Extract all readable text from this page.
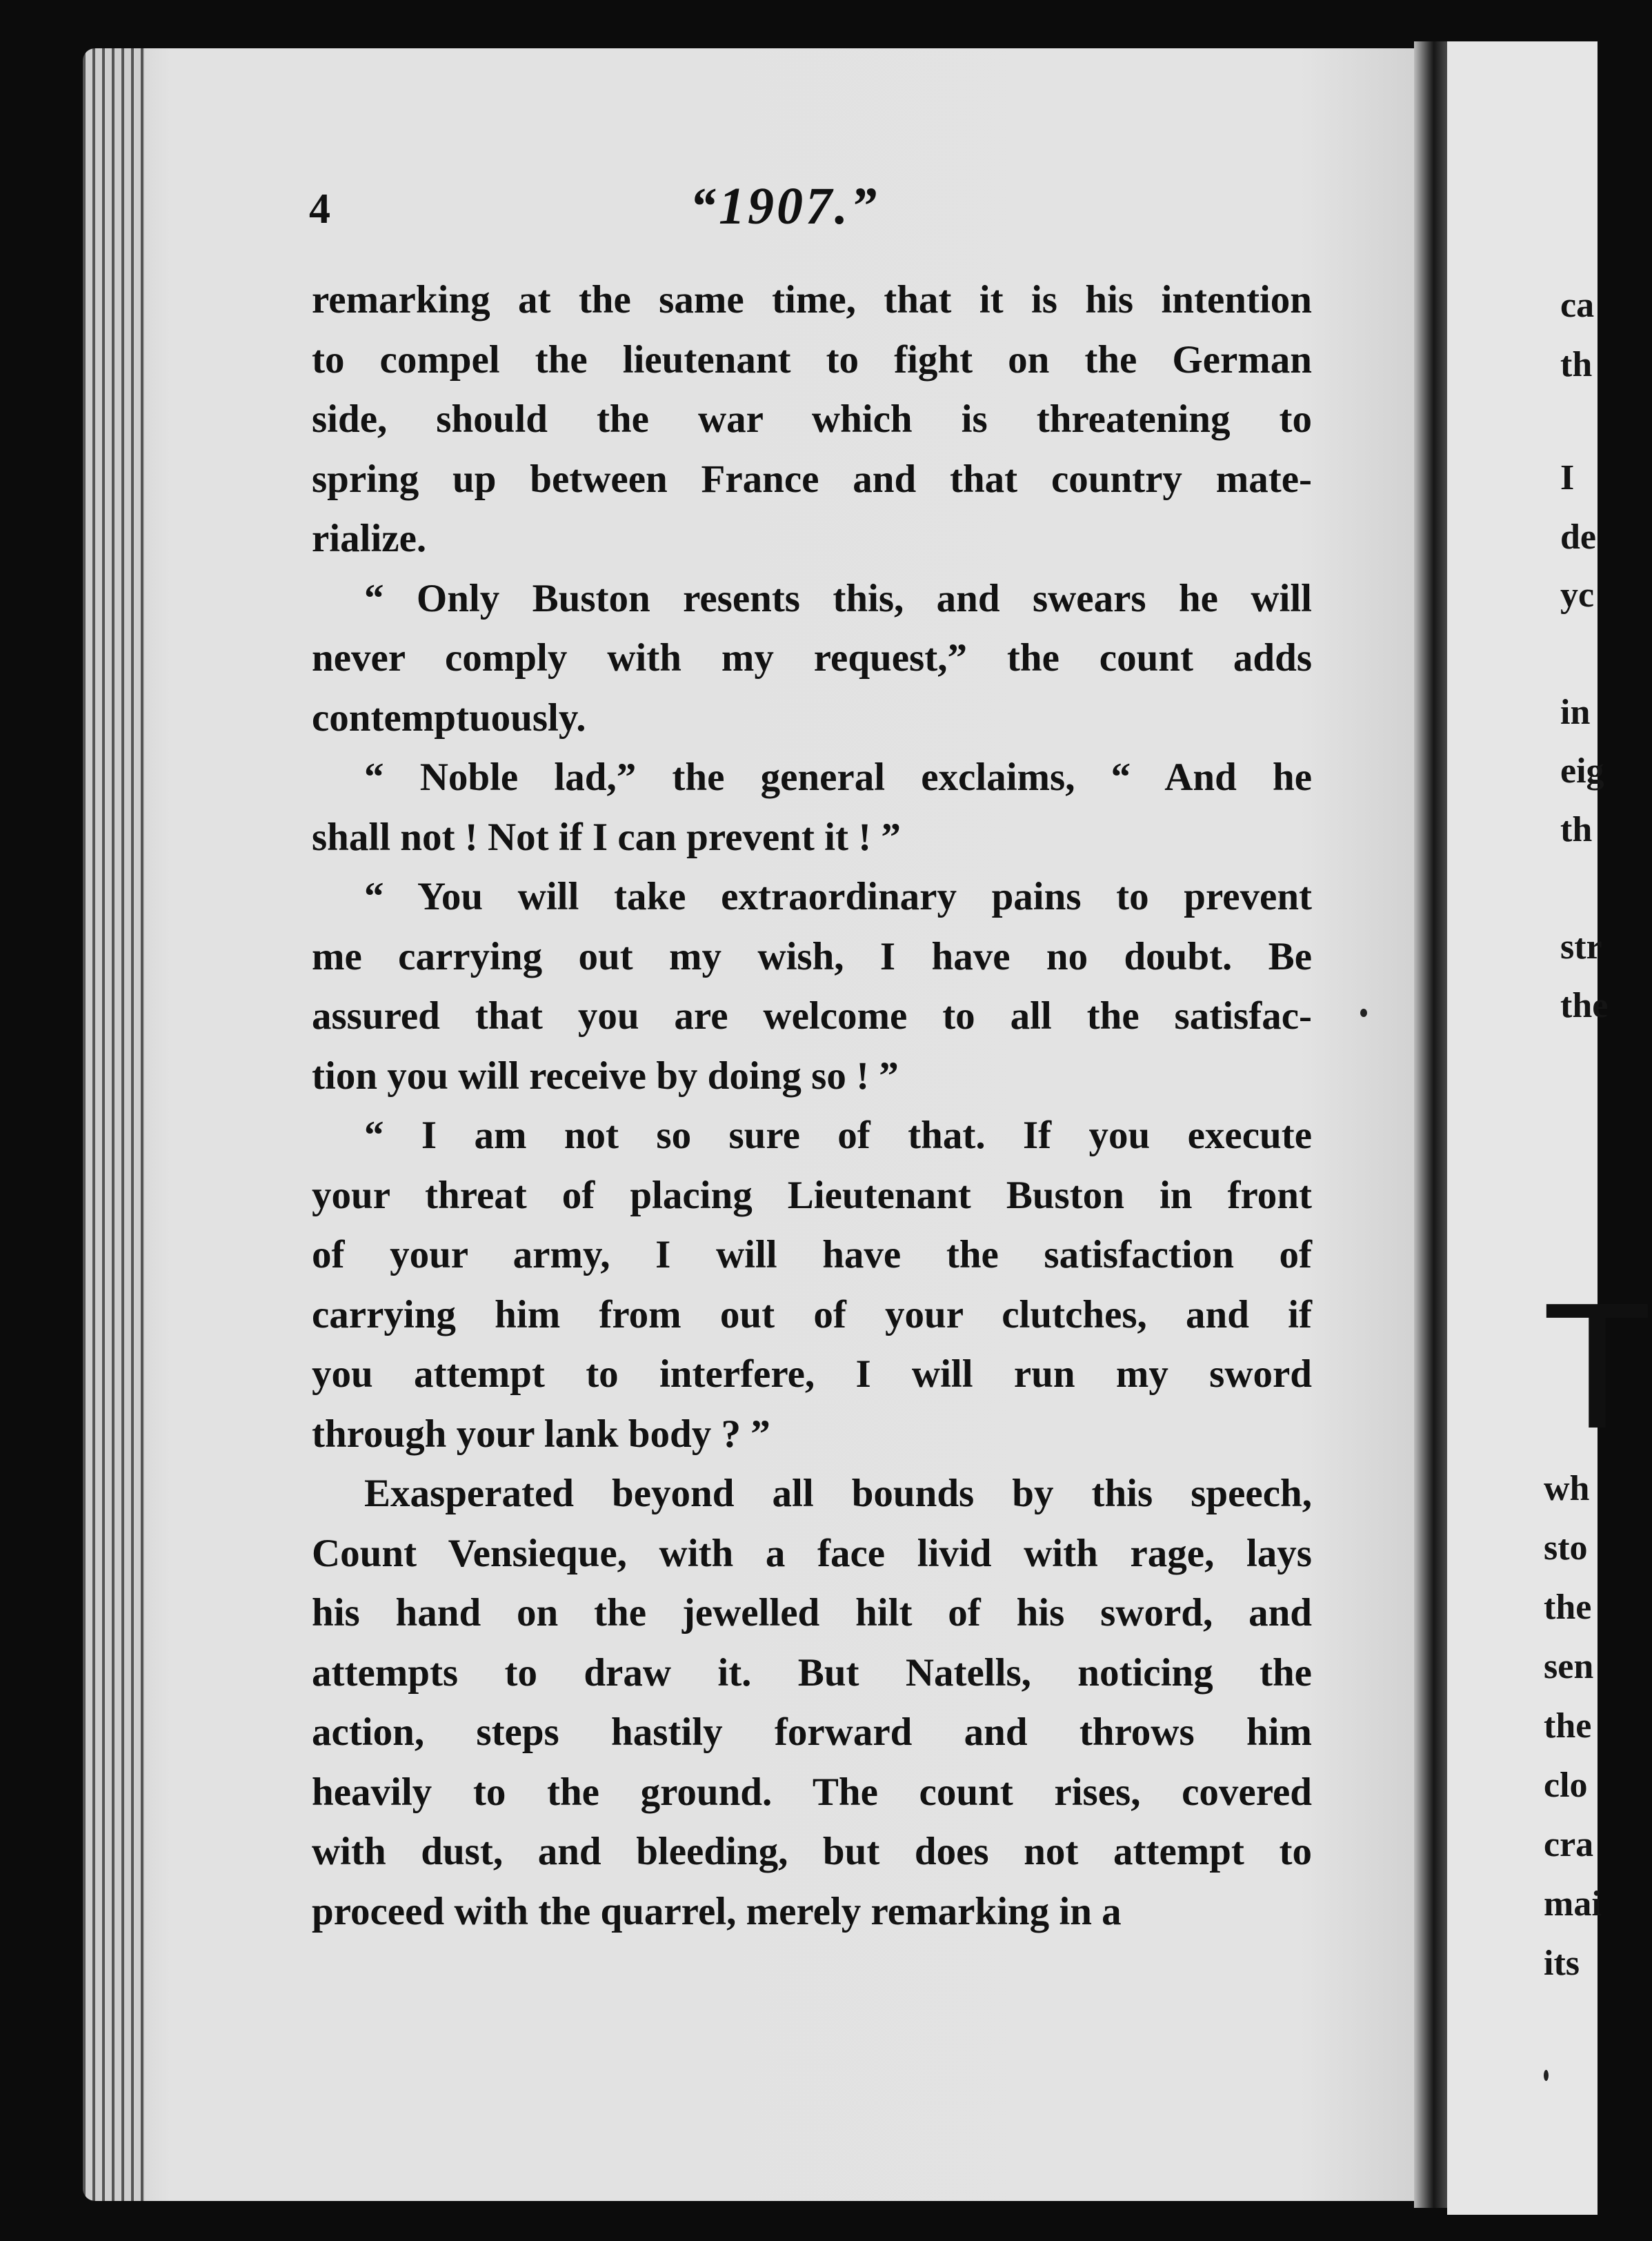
4	“1907.”
remarking at the same time, that it is his intention
to compel the lieutenant to fight on the German
side, should the war which is threatening to
spring up between France and that country mate-
rialize.
“ Only Buston resents this, and swears he will
never comply with my request,” the count adds
contemptuously.
“ Noble lad,” the general exclaims, “ And he
shall not ! Not if I can prevent it ! ”
“ You will take extraordinary pains to prevent
me carrying out my wish, I have no doubt. Be
assured that you are welcome to all the satisfac-
tion you will receive by doing so ! ”
“ I am not so sure of that. If you execute
your threat of placing Lieutenant Buston in front
of your army, I will have the satisfaction of
carrying him from out of your clutches, and if
you attempt to interfere, I will run my sword
through your lank body ? ”
Exasperated beyond all bounds by this speech,
Count Vensieque, with a face livid with rage, lays
his hand on the jewelled hilt of his sword, and
attempts to draw it. But Natells, noticing the
action, steps hastily forward and throws him
heavily to the ground. The count rises, covered
with dust, and bleeding, but does not attempt to
proceed with the quarrel, merely remarking in a
ca
th
I
de
yc
in
eig
th
str
the
T
wh
sto
the
sen
the
clo
cra
mai
its
